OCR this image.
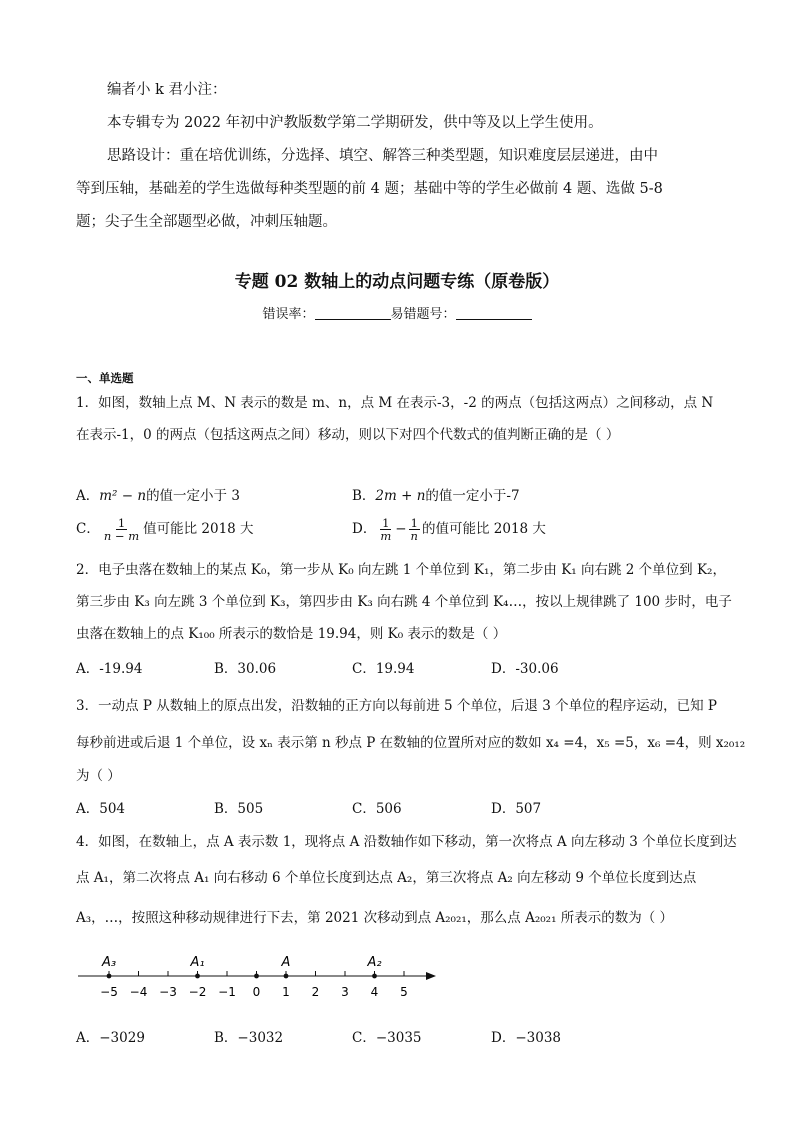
编者小 k 君小注：
本专辑专为 2022 年初中沪教版数学第二学期研发，供中等及以上学生使用。
思路设计：重在培优训练，分选择、填空、解答三种类型题，知识难度层层递进，由中
等到压轴，基础差的学生选做每种类型题的前 4 题；基础中等的学生必做前 4 题、选做 5-8
题；尖子生全部题型必做，冲刺压轴题。
专题 02 数轴上的动点问题专练（原卷版）
错误率：	易错题号：
一、单选题
1．如图，数轴上点 M、N 表示的数是 m、n，点 M 在表示-3，-2 的两点（包括这两点）之间移动，点 N
在表示-1，0 的两点（包括这两点之间）移动，则以下对四个代数式的值判断正确的是（ ）
A．m² − n的值一定小于 3	B．2m + n的值一定小于-7
C． $\frac{1}{n - m}$ 值可能比 2018 大	D． $\frac{1}{m} - \frac{1}{n}$ 的值可能比 2018 大
2．电子虫落在数轴上的某点 K₀，第一步从 K₀ 向左跳 1 个单位到 K₁，第二步由 K₁ 向右跳 2 个单位到 K₂，
第三步由 K₃ 向左跳 3 个单位到 K₃，第四步由 K₃ 向右跳 4 个单位到 K₄…，按以上规律跳了 100 步时，电子
虫落在数轴上的点 K₁₀₀ 所表示的数恰是 19.94，则 K₀ 表示的数是（ ）
A．-19.94	B．30.06	C．19.94	D．-30.06
3．一动点 P 从数轴上的原点出发，沿数轴的正方向以每前进 5 个单位，后退 3 个单位的程序运动，已知 P
每秒前进或后退 1 个单位，设 xₙ 表示第 n 秒点 P 在数轴的位置所对应的数如 x₄ =4，x₅ =5，x₆ =4，则 x₂₀₁₂
为（ ）
A．504	B．505	C．506	D．507
4．如图，在数轴上，点 A 表示数 1，现将点 A 沿数轴作如下移动，第一次将点 A 向左移动 3 个单位长度到达
点 A₁，第二次将点 A₁ 向右移动 6 个单位长度到达点 A₂，第三次将点 A₂ 向左移动 9 个单位长度到达点
A₃，…，按照这种移动规律进行下去，第 2021 次移动到点 A₂₀₂₁，那么点 A₂₀₂₁ 所表示的数为（ ）
−5 −4 −3 −2 −1 0 1 2 3 4 5
A₃	A₁	A	A₂
A．−3029	B．−3032	C．−3035	D．−3038
